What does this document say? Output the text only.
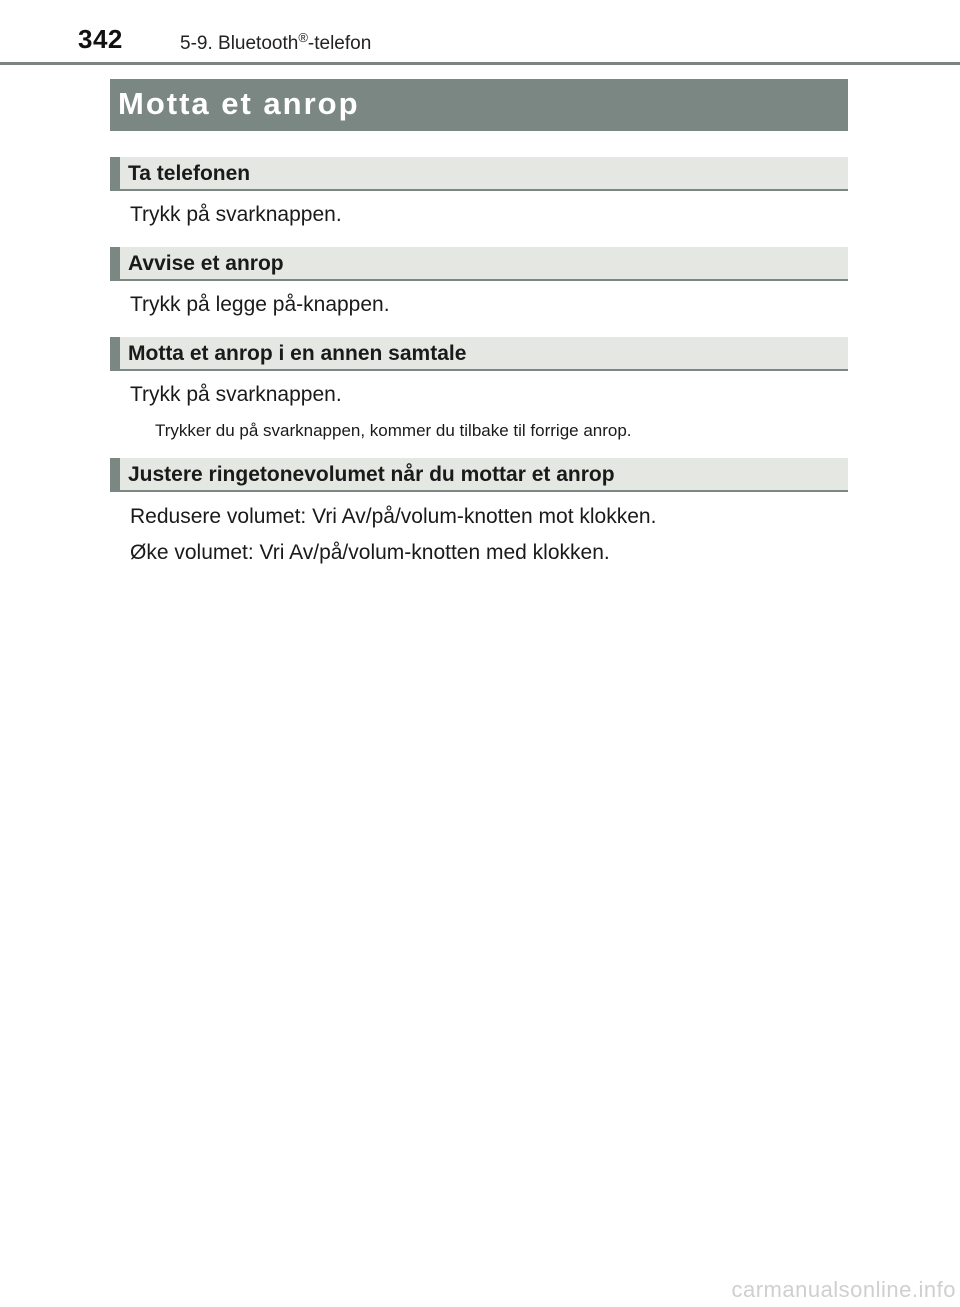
342	5-9. Bluetooth®-telefon
Motta et anrop
Ta telefonen
Trykk på svarknappen.
Avvise et anrop
Trykk på legge på-knappen.
Motta et anrop i en annen samtale
Trykk på svarknappen.
Trykker du på svarknappen, kommer du tilbake til forrige anrop.
Justere ringetonevolumet når du mottar et anrop
Redusere volumet: Vri Av/på/volum-knotten mot klokken.
Øke volumet: Vri Av/på/volum-knotten med klokken.
carmanualsonline.info
